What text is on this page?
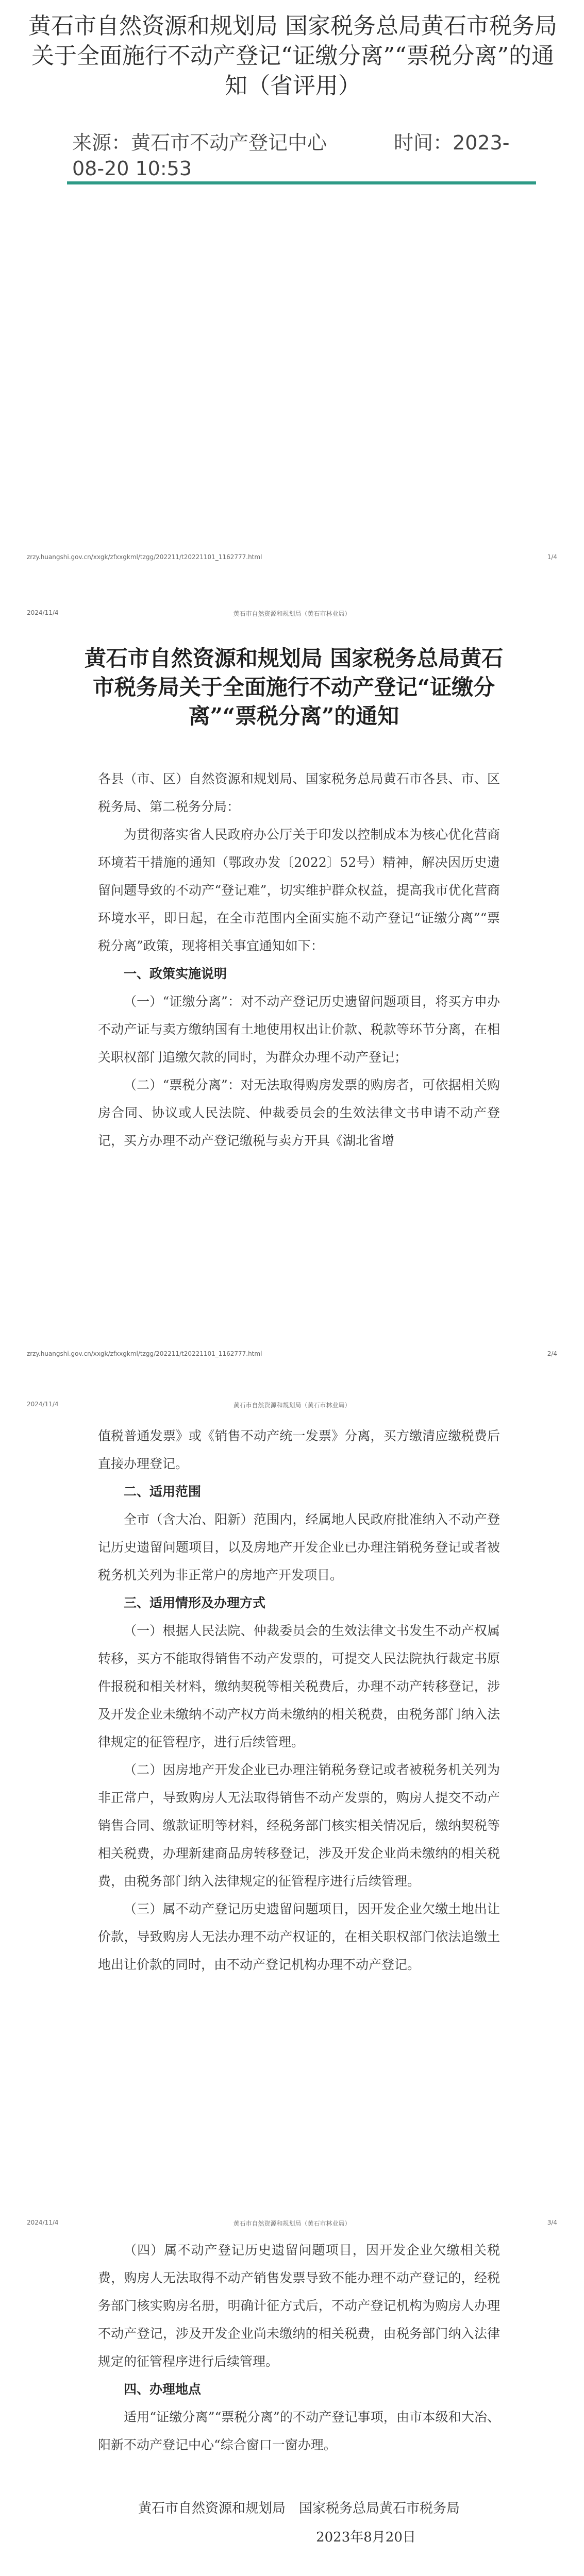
黄石市自然资源和规划局 国家税务总局黄石市税务局关于全面施行不动产登记“证缴分离”“票税分离”的通知（省评用）
来源：黄石市不动产登记中心	时间：2023-08-20 10:53
zrzy.huangshi.gov.cn/xxgk/zfxxgkml/tzgg/202211/t20221101_1162777.html	1/4
2024/11/4	黄石市自然资源和规划局（黄石市林业局）
黄石市自然资源和规划局 国家税务总局黄石市税务局关于全面施行不动产登记“证缴分离”“票税分离”的通知

各县（市、区）自然资源和规划局、国家税务总局黄石市各县、市、区税务局、第二税务分局：

为贯彻落实省人民政府办公厅关于印发以控制成本为核心优化营商环境若干措施的通知（鄂政办发〔2022〕52号）精神，解决因历史遗留问题导致的不动产“登记难”，切实维护群众权益，提高我市优化营商环境水平，即日起，在全市范围内全面实施不动产登记“证缴分离”“票税分离”政策，现将相关事宜通知如下：

一、政策实施说明

（一）“证缴分离”：对不动产登记历史遗留问题项目，将买方申办不动产证与卖方缴纳国有土地使用权出让价款、税款等环节分离，在相关职权部门追缴欠款的同时，为群众办理不动产登记；

（二）“票税分离”：对无法取得购房发票的购房者，可依据相关购房合同、协议或人民法院、仲裁委员会的生效法律文书申请不动产登记，买方办理不动产登记缴税与卖方开具《湖北省增

zrzy.huangshi.gov.cn/xxgk/zfxxgkml/tzgg/202211/t20221101_1162777.html	2/4
2024/11/4	黄石市自然资源和规划局（黄石市林业局）

值税普通发票》或《销售不动产统一发票》分离，买方缴清应缴税费后直接办理登记。

二、适用范围

全市（含大冶、阳新）范围内，经属地人民政府批准纳入不动产登记历史遗留问题项目，以及房地产开发企业已办理注销税务登记或者被税务机关列为非正常户的房地产开发项目。

三、适用情形及办理方式

（一）根据人民法院、仲裁委员会的生效法律文书发生不动产权属转移，买方不能取得销售不动产发票的，可提交人民法院执行裁定书原件报税和相关材料，缴纳契税等相关税费后，办理不动产转移登记，涉及开发企业未缴纳不动产权方尚未缴纳的相关税费，由税务部门纳入法律规定的征管程序，进行后续管理。

（二）因房地产开发企业已办理注销税务登记或者被税务机关列为非正常户，导致购房人无法取得销售不动产发票的，购房人提交不动产销售合同、缴款证明等材料，经税务部门核实相关情况后，缴纳契税等相关税费，办理新建商品房转移登记，涉及开发企业尚未缴纳的相关税费，由税务部门纳入法律规定的征管程序进行后续管理。

（三）属不动产登记历史遗留问题项目，因开发企业欠缴土地出让价款，导致购房人无法办理不动产权证的，在相关职权部门依法追缴土地出让价款的同时，由不动产登记机构办理不动产登记。

2024/11/4	黄石市自然资源和规划局（黄石市林业局）	3/4

（四）属不动产登记历史遗留问题项目，因开发企业欠缴相关税费，购房人无法取得不动产销售发票导致不能办理不动产登记的，经税务部门核实购房名册，明确计征方式后，不动产登记机构为购房人办理不动产登记，涉及开发企业尚未缴纳的相关税费，由税务部门纳入法律规定的征管程序进行后续管理。

四、办理地点

适用“证缴分离”“票税分离”的不动产登记事项，由市本级和大冶、阳新不动产登记中心“综合窗口一窗办理。

黄石市自然资源和规划局　国家税务总局黄石市税务局
2023年8月20日
